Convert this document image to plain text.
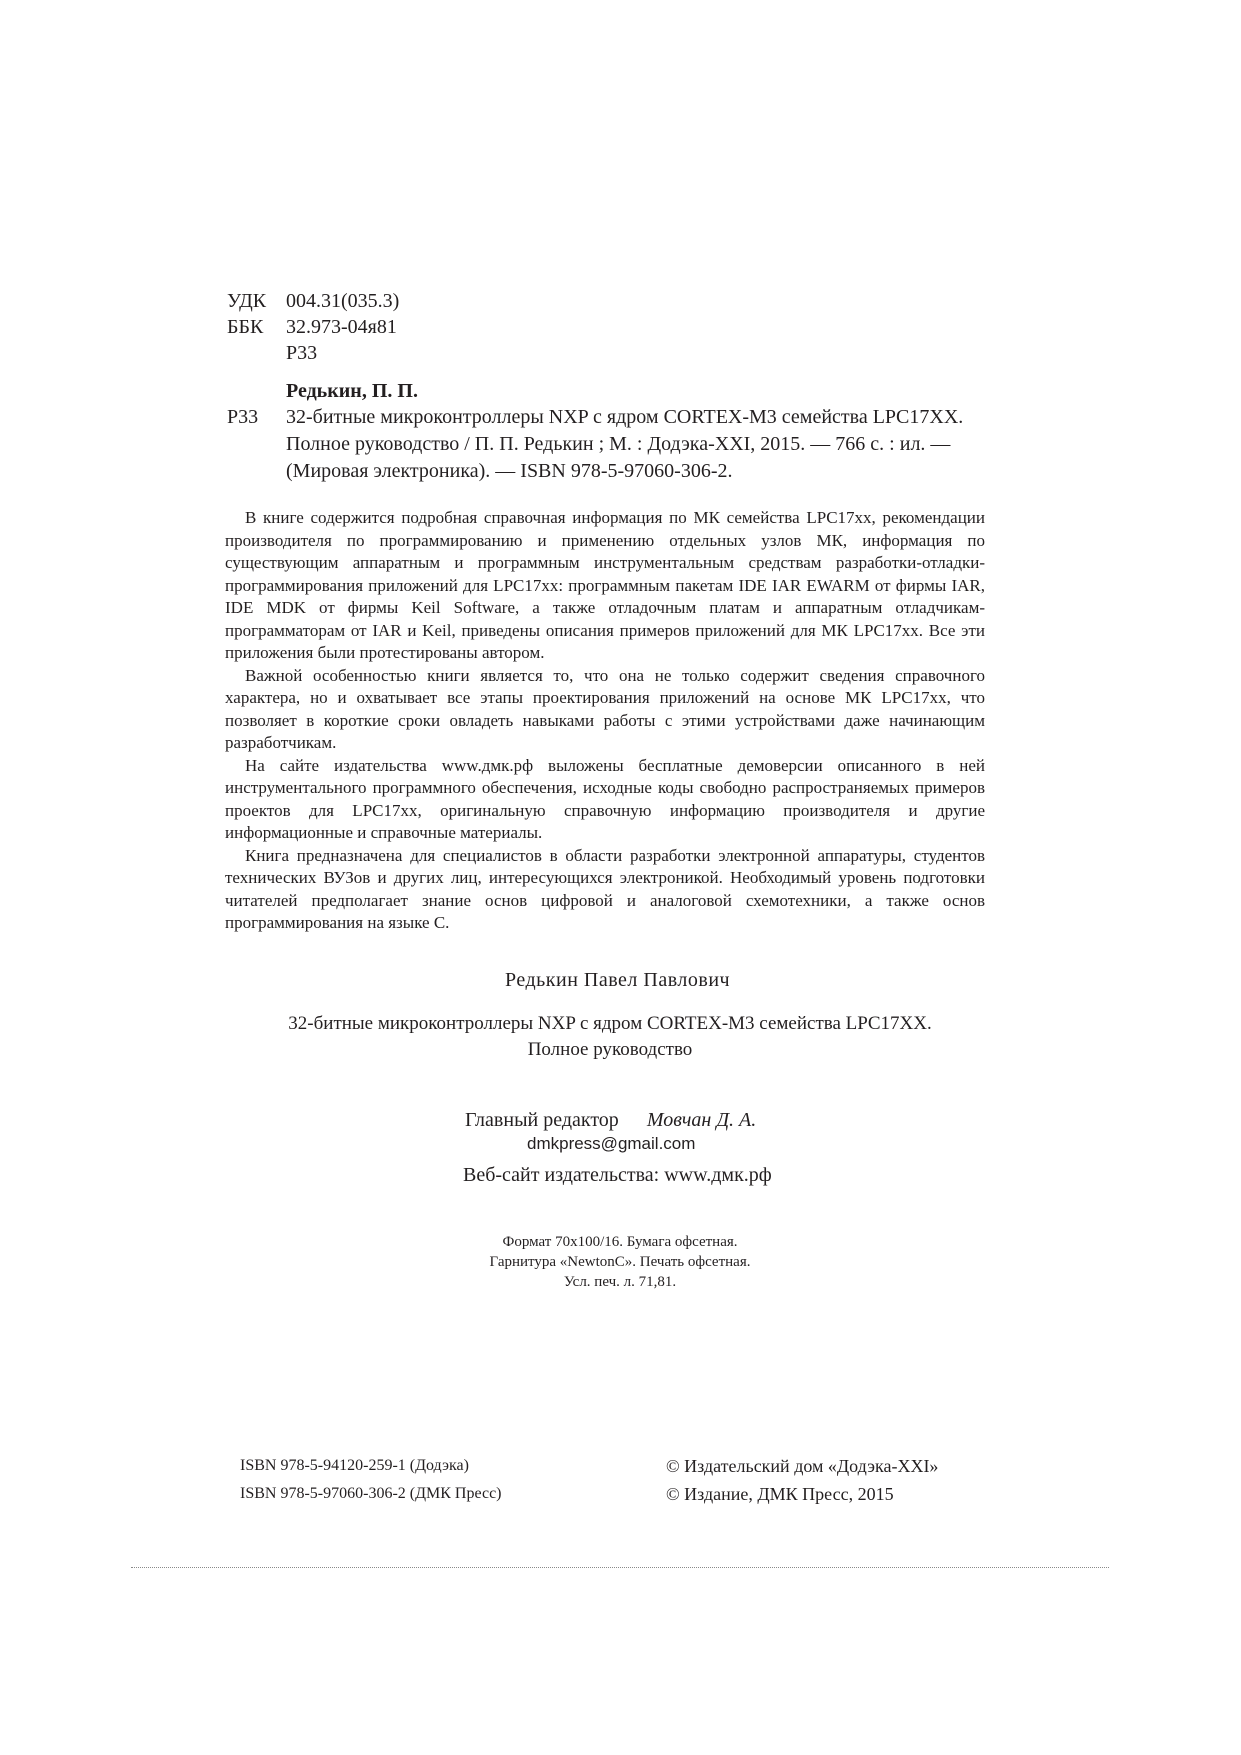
УДК 004.31(035.3)
ББК 32.973-04я81
Р33
Редькин, П. П.
Р33 32-битные микроконтроллеры NXP с ядром CORTEX-M3 семейства LPC17XX.
Полное руководство / П. П. Редькин ; М. : Додэка-XXI, 2015. — 766 с. : ил. —
(Мировая электроника). — ISBN 978-5-97060-306-2.

В книге содержится подробная справочная информация по МК семейства LPC17xx, рекомендации производителя по программированию и применению отдельных узлов МК, информация по существующим аппаратным и программным инструментальным средствам разработки-отладки-программирования приложений для LPC17xx: программным пакетам IDE IAR EWARM от фирмы IAR, IDE MDK от фирмы Keil Software, а также отладочным платам и аппаратным отладчикам-программаторам от IAR и Keil, приведены описания примеров приложений для МК LPC17xx. Все эти приложения были протестированы автором.

Важной особенностью книги является то, что она не только содержит сведения справочного характера, но и охватывает все этапы проектирования приложений на основе МК LPC17xx, что позволяет в короткие сроки овладеть навыками работы с этими устройствами даже начинающим разработчикам.

На сайте издательства www.дмк.рф выложены бесплатные демоверсии описанного в ней инструментального программного обеспечения, исходные коды свободно распространяемых примеров проектов для LPC17xx, оригинальную справочную информацию производителя и другие информационные и справочные материалы.

Книга предназначена для специалистов в области разработки электронной аппаратуры, студентов технических ВУЗов и других лиц, интересующихся электроникой. Необходимый уровень подготовки читателей предполагает знание основ цифровой и аналоговой схемотехники, а также основ программирования на языке С.

Редькин Павел Павлович
32-битные микроконтроллеры NXP с ядром CORTEX-M3 семейства LPC17XX.
Полное руководство
Главный редактор Мовчан Д. А.
dmkpress@gmail.com
Веб-сайт издательства: www.дмк.рф
Формат 70x100/16. Бумага офсетная.
Гарнитура «NewtonC». Печать офсетная.
Усл. печ. л. 71,81.
ISBN 978-5-94120-259-1 (Додэка)
ISBN 978-5-97060-306-2 (ДМК Пресс)
© Издательский дом «Додэка-XXI»
© Издание, ДМК Пресс, 2015
